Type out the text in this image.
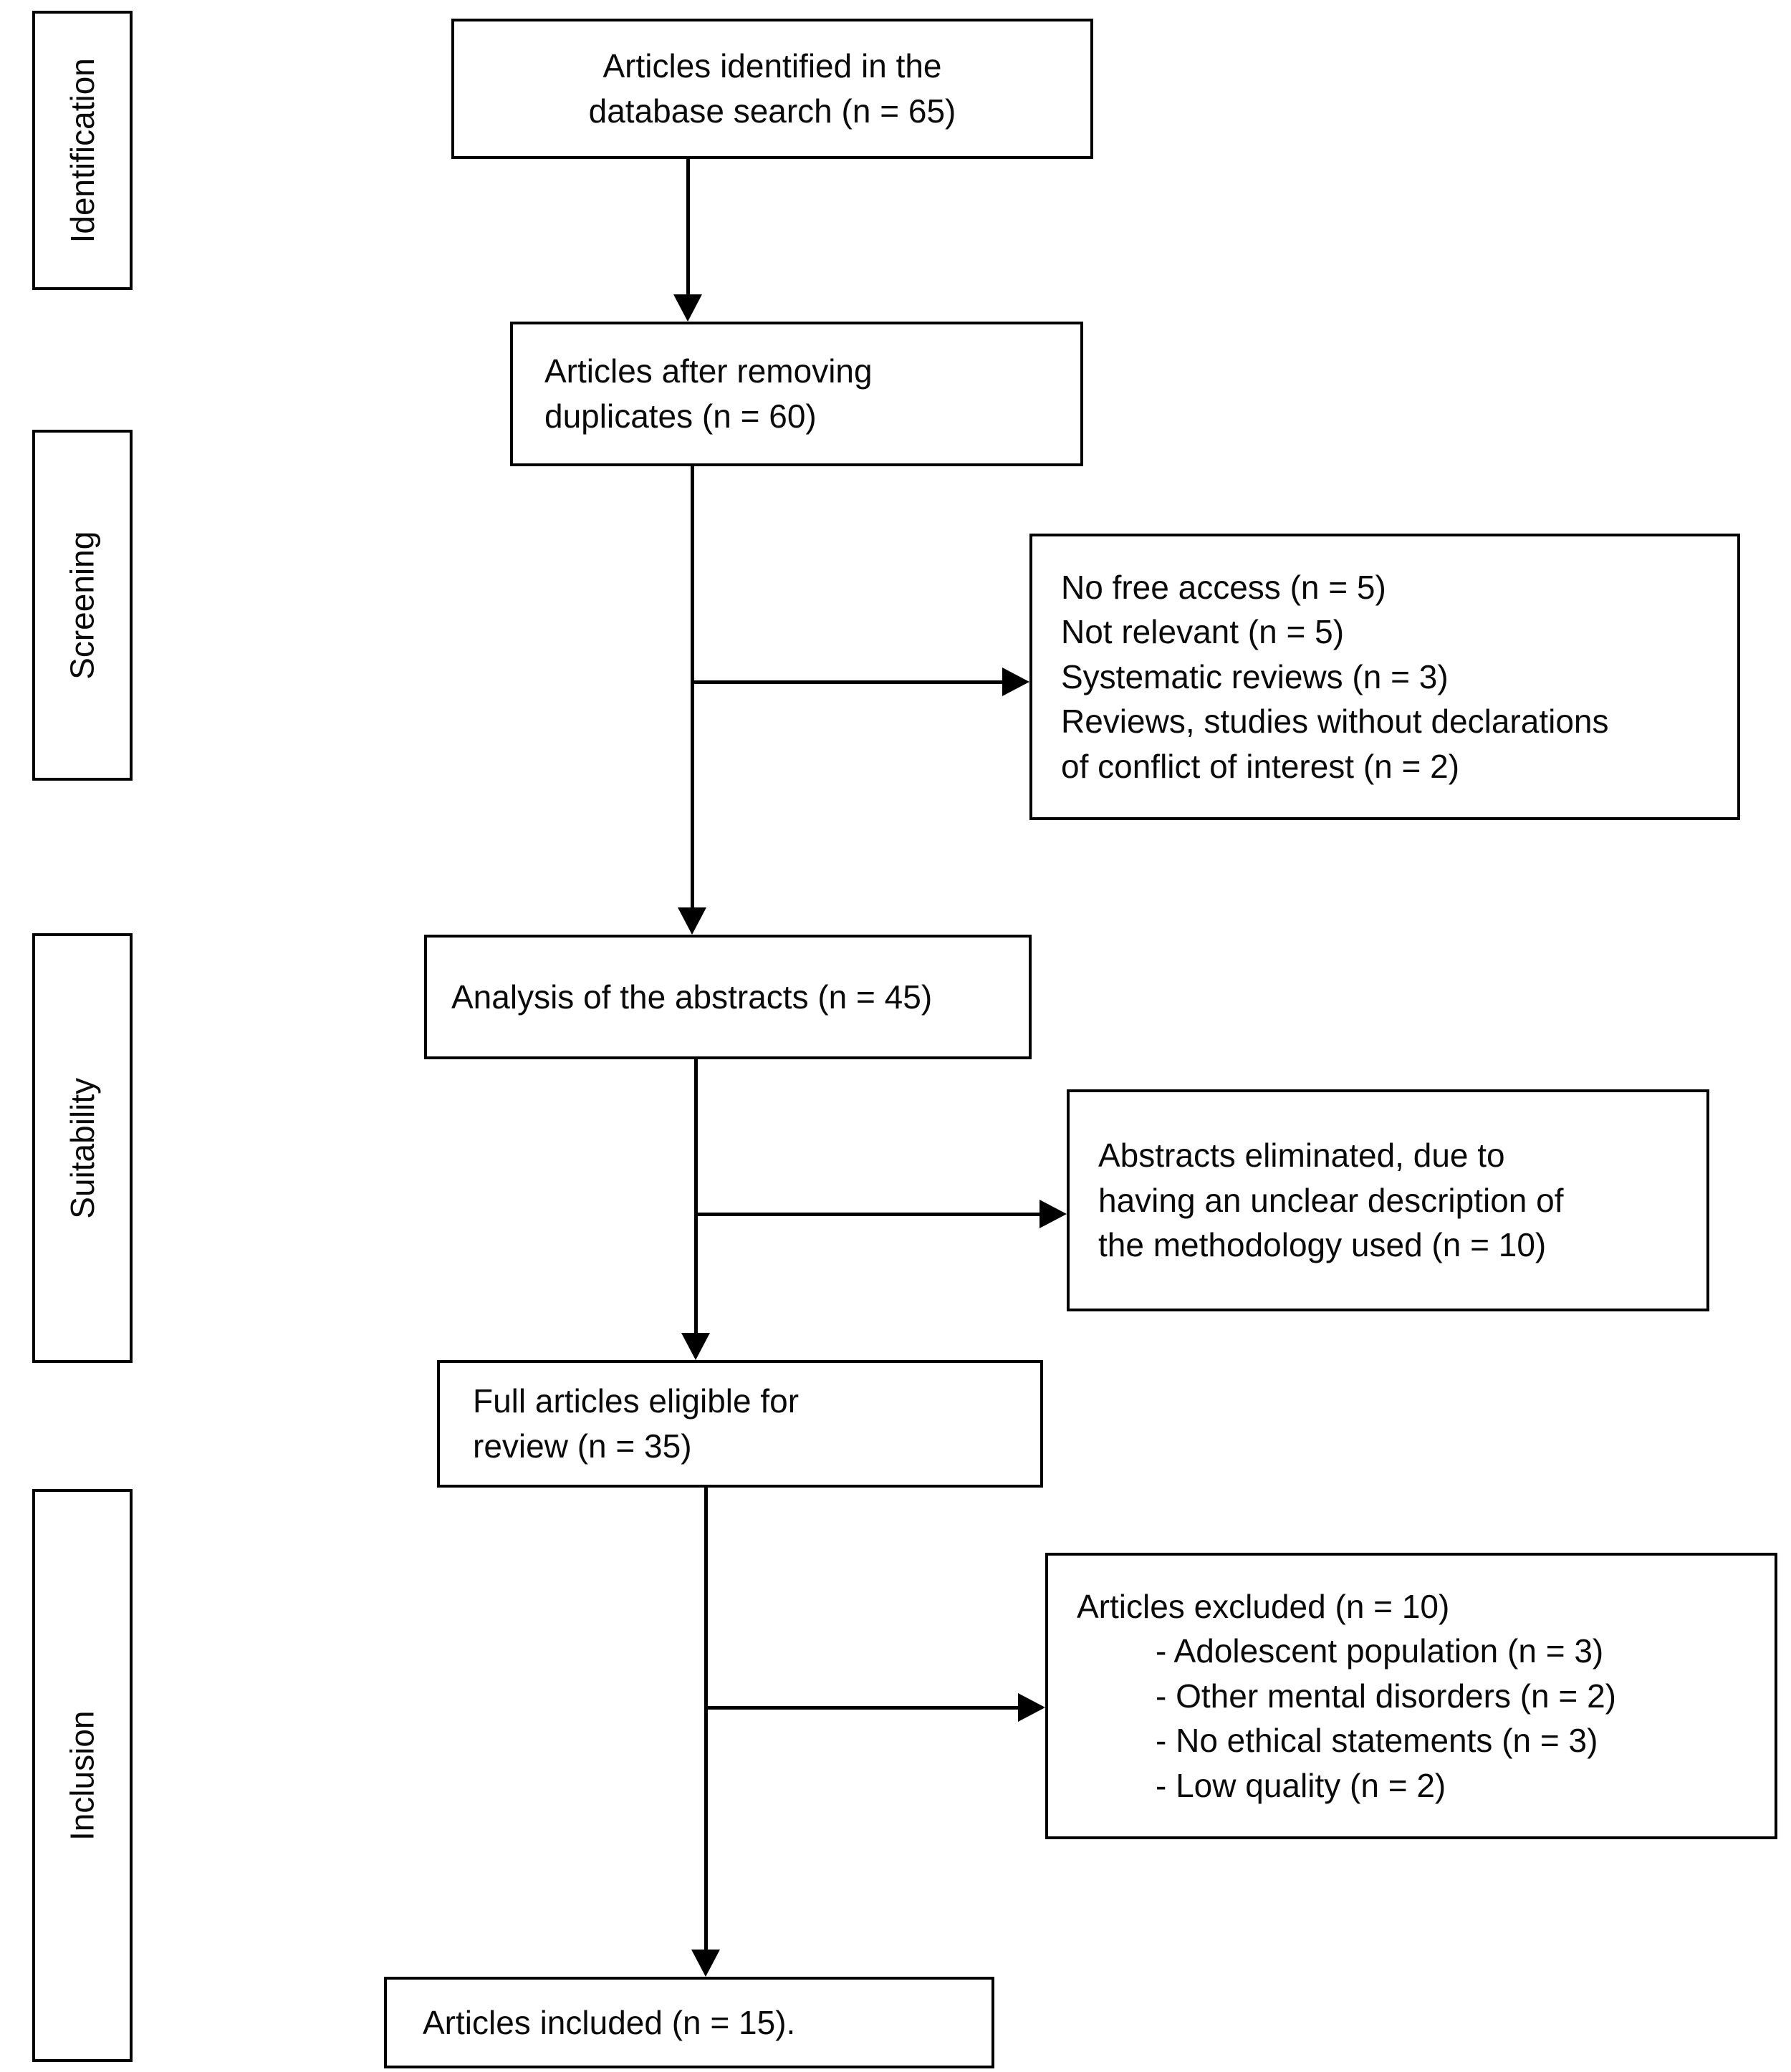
Identification
Screening
Suitability
Inclusion
Articles identified in the
database search (n = 65)
Articles after removing
duplicates (n = 60)
No free access (n = 5)
Not relevant (n = 5)
Systematic reviews (n = 3)
Reviews, studies without declarations
of conflict of interest (n = 2)
Analysis of the abstracts (n = 45)
Abstracts eliminated, due to
having an unclear description of
the methodology used (n = 10)
Full articles eligible for
review (n = 35)
Articles excluded (n = 10)
- Adolescent population (n = 3)
- Other mental disorders (n = 2)
- No ethical statements (n = 3)
- Low quality (n = 2)
Articles included (n = 15).
